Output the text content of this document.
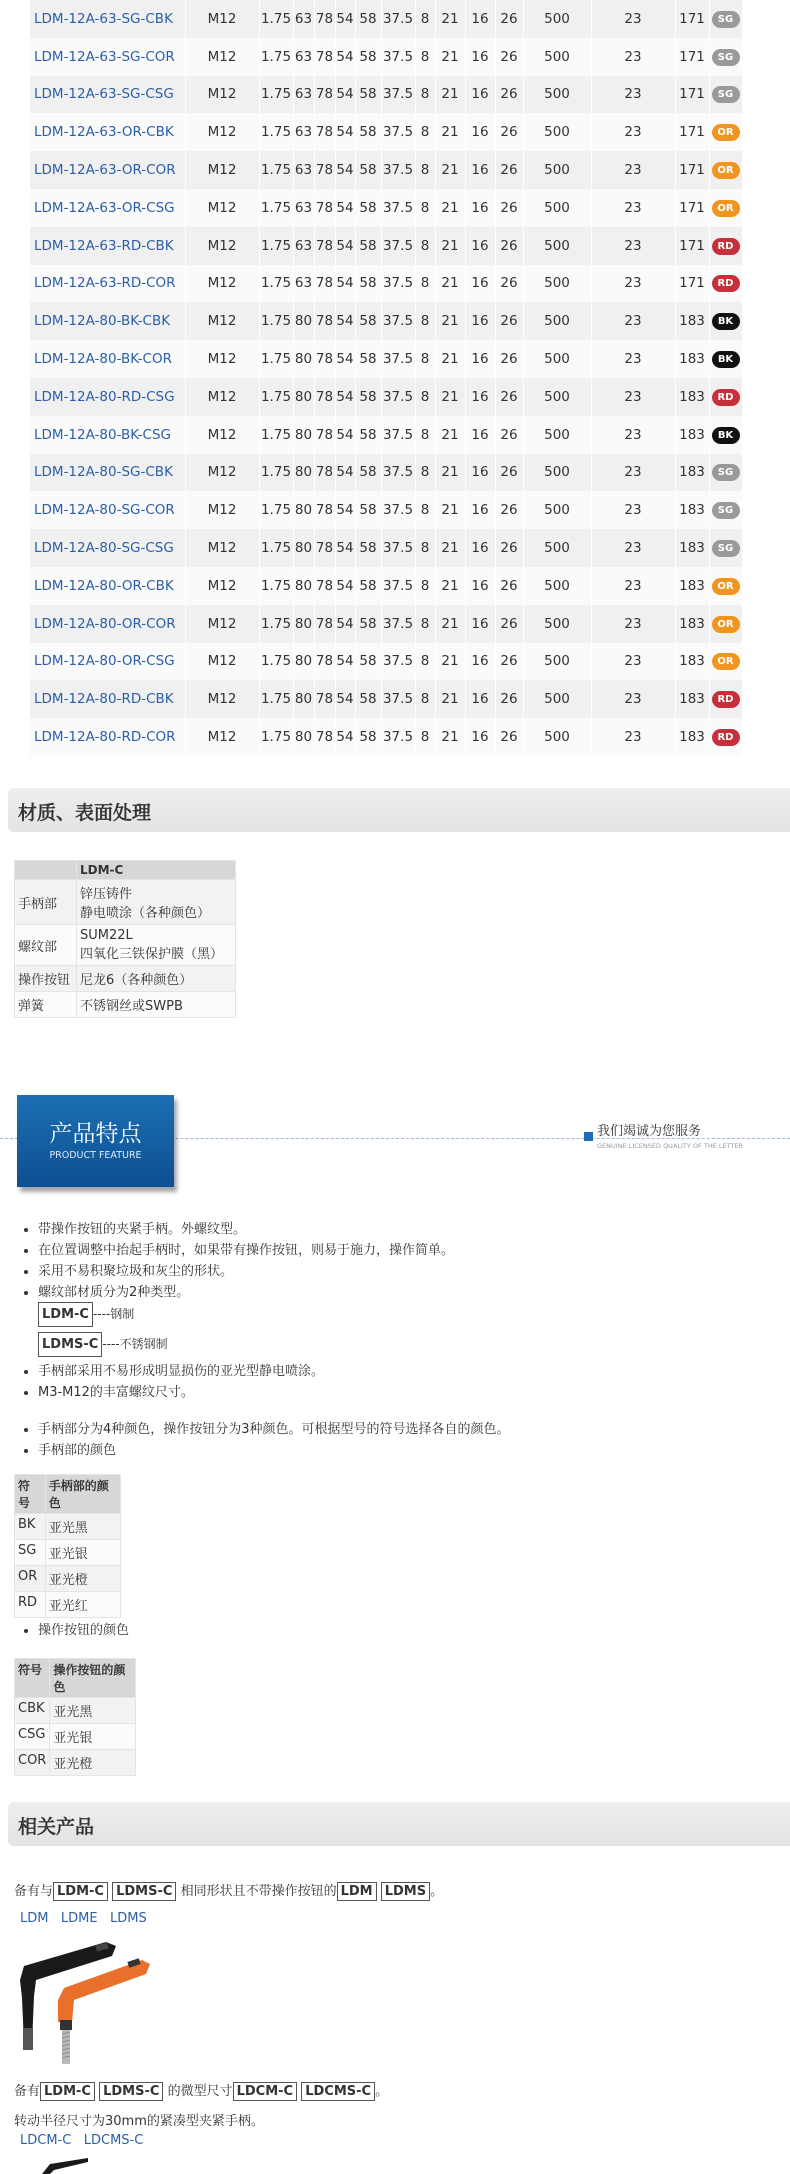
LDM-12A-63-SG-CBK	M12	1.75	63	78	54	58	37.5	8	21	16	26	500	23	171	SG
LDM-12A-63-SG-COR	M12	1.75	63	78	54	58	37.5	8	21	16	26	500	23	171	SG
LDM-12A-63-SG-CSG	M12	1.75	63	78	54	58	37.5	8	21	16	26	500	23	171	SG
LDM-12A-63-OR-CBK	M12	1.75	63	78	54	58	37.5	8	21	16	26	500	23	171	OR
LDM-12A-63-OR-COR	M12	1.75	63	78	54	58	37.5	8	21	16	26	500	23	171	OR
LDM-12A-63-OR-CSG	M12	1.75	63	78	54	58	37.5	8	21	16	26	500	23	171	OR
LDM-12A-63-RD-CBK	M12	1.75	63	78	54	58	37.5	8	21	16	26	500	23	171	RD
LDM-12A-63-RD-COR	M12	1.75	63	78	54	58	37.5	8	21	16	26	500	23	171	RD
LDM-12A-80-BK-CBK	M12	1.75	80	78	54	58	37.5	8	21	16	26	500	23	183	BK
LDM-12A-80-BK-COR	M12	1.75	80	78	54	58	37.5	8	21	16	26	500	23	183	BK
LDM-12A-80-RD-CSG	M12	1.75	80	78	54	58	37.5	8	21	16	26	500	23	183	RD
LDM-12A-80-BK-CSG	M12	1.75	80	78	54	58	37.5	8	21	16	26	500	23	183	BK
LDM-12A-80-SG-CBK	M12	1.75	80	78	54	58	37.5	8	21	16	26	500	23	183	SG
LDM-12A-80-SG-COR	M12	1.75	80	78	54	58	37.5	8	21	16	26	500	23	183	SG
LDM-12A-80-SG-CSG	M12	1.75	80	78	54	58	37.5	8	21	16	26	500	23	183	SG
LDM-12A-80-OR-CBK	M12	1.75	80	78	54	58	37.5	8	21	16	26	500	23	183	OR
LDM-12A-80-OR-COR	M12	1.75	80	78	54	58	37.5	8	21	16	26	500	23	183	OR
LDM-12A-80-OR-CSG	M12	1.75	80	78	54	58	37.5	8	21	16	26	500	23	183	OR
LDM-12A-80-RD-CBK	M12	1.75	80	78	54	58	37.5	8	21	16	26	500	23	183	RD
LDM-12A-80-RD-COR	M12	1.75	80	78	54	58	37.5	8	21	16	26	500	23	183	RD
材质、表面处理
	LDM-C
手柄部	锌压铸件
静电喷涂（各种颜色）

螺纹部	SUM22L
四氧化三铁保护膜（黑）

操作按钮	尼龙6（各种颜色）
弹簧	不锈钢丝或SWPB
产品特点
PRODUCT FEATURE
我们竭诚为您服务
GENUINE LICENSED QUALITY OF THE LETTER
• 带操作按钮的夹紧手柄。外螺纹型。
• 在位置调整中抬起手柄时，如果带有操作按钮，则易于施力，操作简单。
• 采用不易积聚垃圾和灰尘的形状。
• 螺纹部材质分为2种类型。
LDM-C ----钢制
LDMS-C ----不锈钢制
• 手柄部采用不易形成明显损伤的亚光型静电喷涂。
• M3-M12的丰富螺纹尺寸。
• 手柄部分为4种颜色，操作按钮分为3种颜色。可根据型号的符号选择各自的颜色。
• 手柄部的颜色
符号	手柄部的颜色
BK	亚光黑
SG	亚光银
OR	亚光橙
RD	亚光红
• 操作按钮的颜色
符号	操作按钮的颜色
CBK	亚光黑
CSG	亚光银
COR	亚光橙
相关产品
备有与 LDM-C LDMS-C 相同形状且不带操作按钮的 LDM LDMS 。
LDM LDME LDMS
备有 LDM-C LDMS-C 的微型尺寸 LDCM-C LDCMS-C 。
转动半径尺寸为30mm的紧凑型夹紧手柄。
LDCM-C LDCMS-C
